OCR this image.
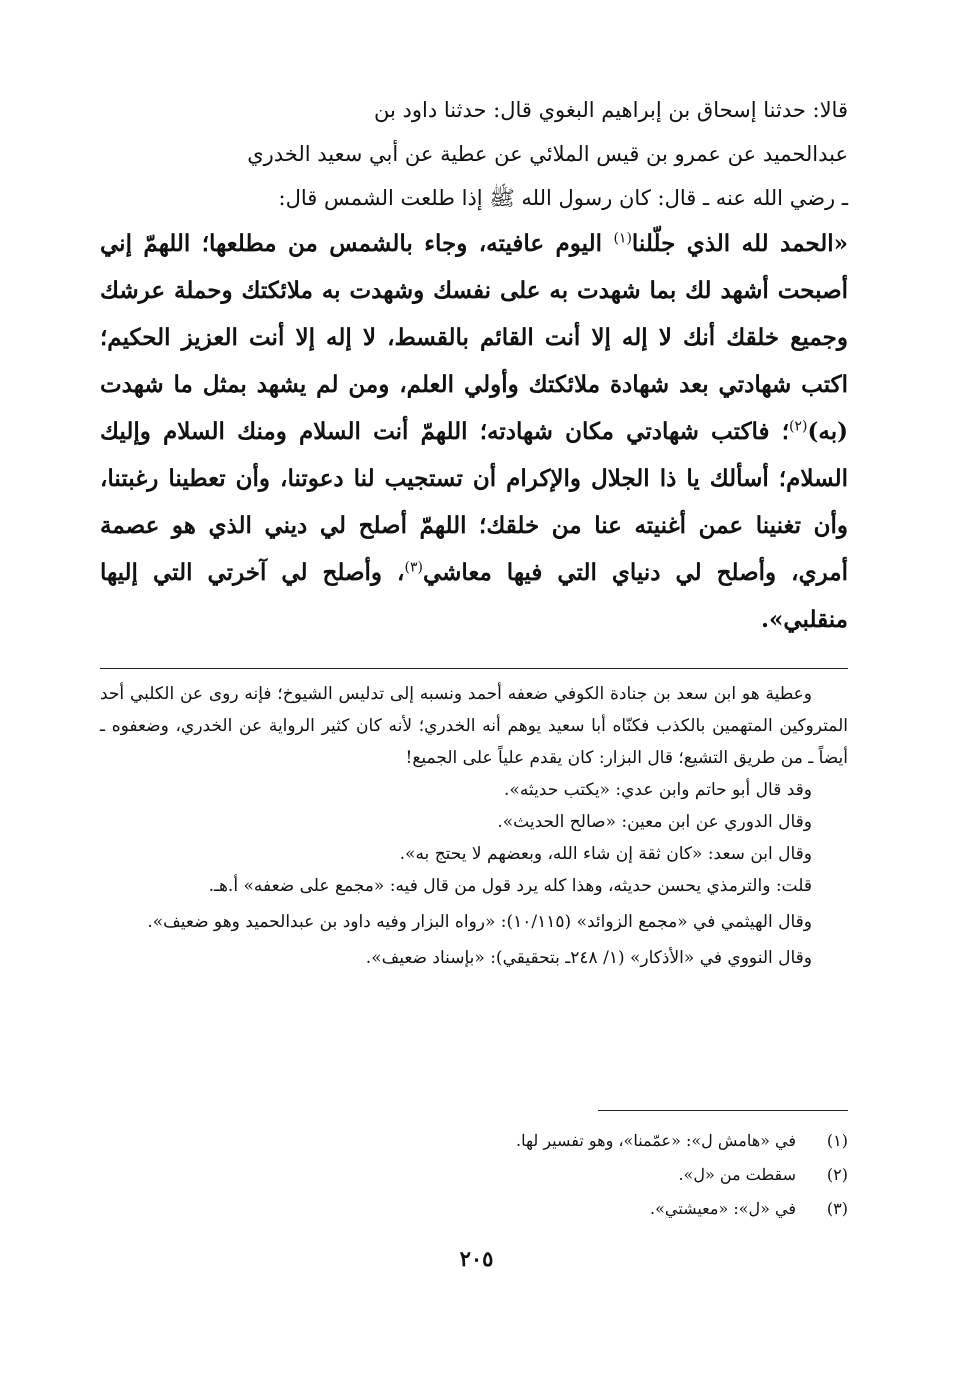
قالا: حدثنا إسحاق بن إبراهيم البغوي قال: حدثنا داود بن

عبدالحميد عن عمرو بن قيس الملائي عن عطية عن أبي سعيد الخدري

ـ رضي الله عنه ـ قال: كان رسول الله ﷺ إذا طلعت الشمس قال:

«الحمد لله الذي جلّلنا$^{(١)}$ اليوم عافيته، وجاء بالشمس من مطلعها؛ اللهمّ إني أصبحت أشهد لك بما شهدت به على نفسك وشهدت به ملائكتك وحملة عرشك وجميع خلقك أنك لا إله إلا أنت القائم بالقسط، لا إله إلا أنت العزيز الحكيم؛ اكتب شهادتي بعد شهادة ملائكتك وأولي العلم، ومن لم يشهد بمثل ما شهدت (به)$^{(٢)}$؛ فاكتب شهادتي مكان شهادته؛ اللهمّ أنت السلام ومنك السلام وإليك السلام؛ أسألك يا ذا الجلال والإكرام أن تستجيب لنا دعوتنا، وأن تعطينا رغبتنا، وأن تغنينا عمن أغنيته عنا من خلقك؛ اللهمّ أصلح لي ديني الذي هو عصمة أمري، وأصلح لي دنياي التي فيها معاشي$^{(٣)}$، وأصلح لي آخرتي التي إليها منقلبي».

وعطية هو ابن سعد بن جنادة الكوفي ضعفه أحمد ونسبه إلى تدليس الشيوخ؛ فإنه روى عن الكلبي أحد المتروكين المتهمين بالكذب فكنّاه أبا سعيد يوهم أنه الخدري؛ لأنه كان كثير الرواية عن الخدري، وضعفوه ـ أيضاً ـ من طريق التشيع؛ قال البزار: كان يقدم علياً على الجميع!

وقد قال أبو حاتم وابن عدي: «يكتب حديثه».

وقال الدوري عن ابن معين: «صالح الحديث».

وقال ابن سعد: «كان ثقة إن شاء الله، وبعضهم لا يحتج به».

قلت: والترمذي يحسن حديثه، وهذا كله يرد قول من قال فيه: «مجمع على ضعفه» أ.هـ.

وقال الهيثمي في «مجمع الزوائد» (١٠/١١٥): «رواه البزار وفيه داود بن عبدالحميد وهو ضعيف».

وقال النووي في «الأذكار» (١/ ٢٤٨ـ بتحقيقي): «بإسناد ضعيف».

(١)
في «هامش ل»: «عمّمنا»، وهو تفسير لها.
(٢)
سقطت من «ل».
(٣)
في «ل»: «معيشتي».
٢٠٥
